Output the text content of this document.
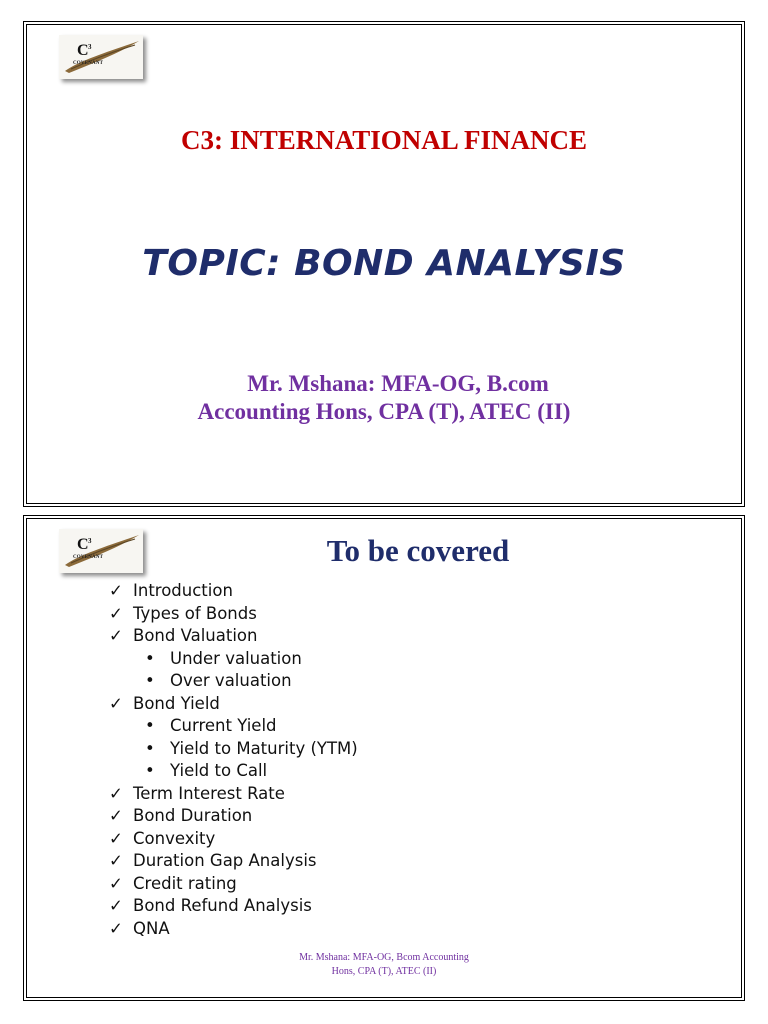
C 3
COVENANT
C3: INTERNATIONAL FINANCE
TOPIC: BOND ANALYSIS
Mr. Mshana: MFA-OG, B.com
Accounting Hons, CPA (T), ATEC (II)
C 3
COVENANT	To be covered
✓ Introduction
✓ Types of Bonds
✓ Bond Valuation
• Under valuation
• Over valuation
✓ Bond Yield
• Current Yield
• Yield to Maturity (YTM)
• Yield to Call
✓ Term Interest Rate
✓ Bond Duration
✓ Convexity
✓ Duration Gap Analysis
✓ Credit rating
✓ Bond Refund Analysis
✓ QNA
Mr. Mshana: MFA-OG, Bcom Accounting
Hons, CPA (T), ATEC (II)
